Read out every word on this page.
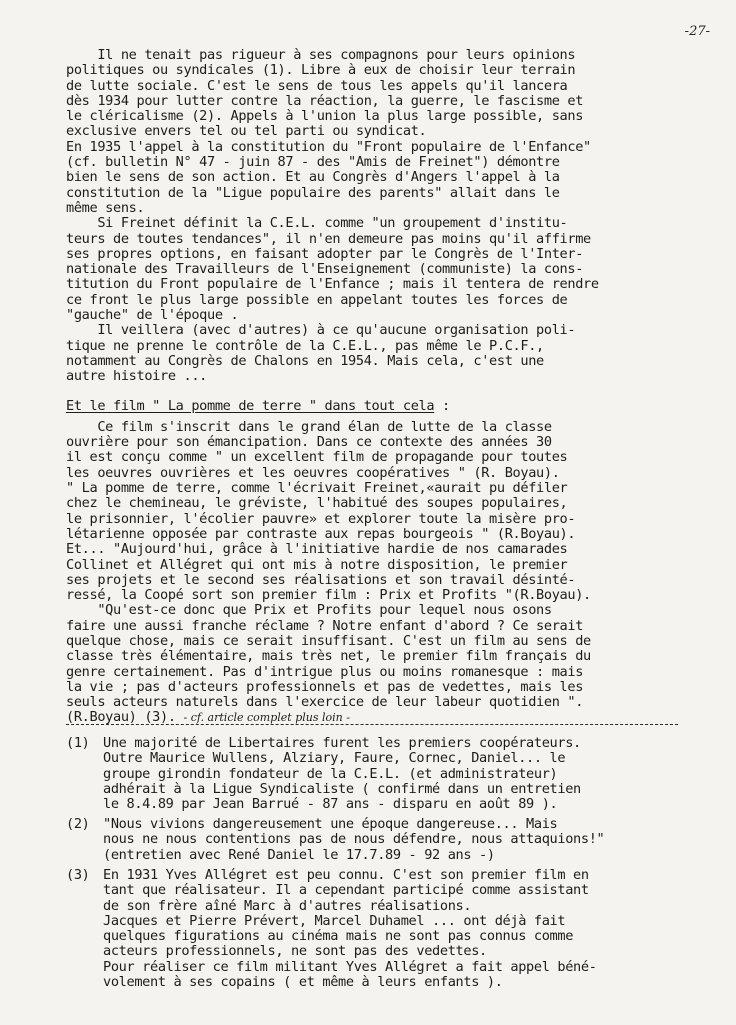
-27-
Il ne tenait pas rigueur à ses compagnons pour leurs opinions
politiques ou syndicales (1). Libre à eux de choisir leur terrain
de lutte sociale. C'est le sens de tous les appels qu'il lancera
dès 1934 pour lutter contre la réaction, la guerre, le fascisme et
le cléricalisme (2). Appels à l'union la plus large possible, sans
exclusive envers tel ou tel parti ou syndicat.
En 1935 l'appel à la constitution du "Front populaire de l'Enfance"
(cf. bulletin N° 47 - juin 87 - des "Amis de Freinet") démontre
bien le sens de son action. Et au Congrès d'Angers l'appel à la
constitution de la "Ligue populaire des parents" allait dans le
même sens.
Si Freinet définit la C.E.L. comme "un groupement d'institu-
teurs de toutes tendances", il n'en demeure pas moins qu'il affirme
ses propres options, en faisant adopter par le Congrès de l'Inter-
nationale des Travailleurs de l'Enseignement (communiste) la cons-
titution du Front populaire de l'Enfance ; mais il tentera de rendre
ce front le plus large possible en appelant toutes les forces de
"gauche" de l'époque .
Il veillera (avec d'autres) à ce qu'aucune organisation poli-
tique ne prenne le contrôle de la C.E.L., pas même le P.C.F.,
notamment au Congrès de Chalons en 1954. Mais cela, c'est une
autre histoire ...
Et le film " La pomme de terre " dans tout cela :
Ce film s'inscrit dans le grand élan de lutte de la classe
ouvrière pour son émancipation. Dans ce contexte des années 30
il est conçu comme " un excellent film de propagande pour toutes
les oeuvres ouvrières et les oeuvres coopératives " (R. Boyau).
" La pomme de terre, comme l'écrivait Freinet,«aurait pu défiler
chez le chemineau, le gréviste, l'habitué des soupes populaires,
le prisonnier, l'écolier pauvre» et explorer toute la misère pro-
létarienne opposée par contraste aux repas bourgeois " (R.Boyau).
Et... "Aujourd'hui, grâce à l'initiative hardie de nos camarades
Collinet et Allégret qui ont mis à notre disposition, le premier
ses projets et le second ses réalisations et son travail désinté-
ressé, la Coopé sort son premier film : Prix et Profits "(R.Boyau).
"Qu'est-ce donc que Prix et Profits pour lequel nous osons
faire une aussi franche réclame ? Notre enfant d'abord ? Ce serait
quelque chose, mais ce serait insuffisant. C'est un film au sens de
classe très élémentaire, mais très net, le premier film français du
genre certainement. Pas d'intrigue plus ou moins romanesque : mais
la vie ; pas d'acteurs professionnels et pas de vedettes, mais les
seuls acteurs naturels dans l'exercice de leur labeur quotidien ".
(R.Boyau) (3). - cf. article complet plus loin -
(1) Une majorité de Libertaires furent les premiers coopérateurs.
Outre Maurice Wullens, Alziary, Faure, Cornec, Daniel... le
groupe girondin fondateur de la C.E.L. (et administrateur)
adhérait à la Ligue Syndicaliste ( confirmé dans un entretien
le 8.4.89 par Jean Barrué - 87 ans - disparu en août 89 ).
(2) "Nous vivions dangereusement une époque dangereuse... Mais
nous ne nous contentions pas de nous défendre, nous attaquions!"
(entretien avec René Daniel le 17.7.89 - 92 ans -)
(3) En 1931 Yves Allégret est peu connu. C'est son premier film en
tant que réalisateur. Il a cependant participé comme assistant
de son frère aîné Marc à d'autres réalisations.
Jacques et Pierre Prévert, Marcel Duhamel ... ont déjà fait
quelques figurations au cinéma mais ne sont pas connus comme
acteurs professionnels, ne sont pas des vedettes.
Pour réaliser ce film militant Yves Allégret a fait appel béné-
volement à ses copains ( et même à leurs enfants ).
